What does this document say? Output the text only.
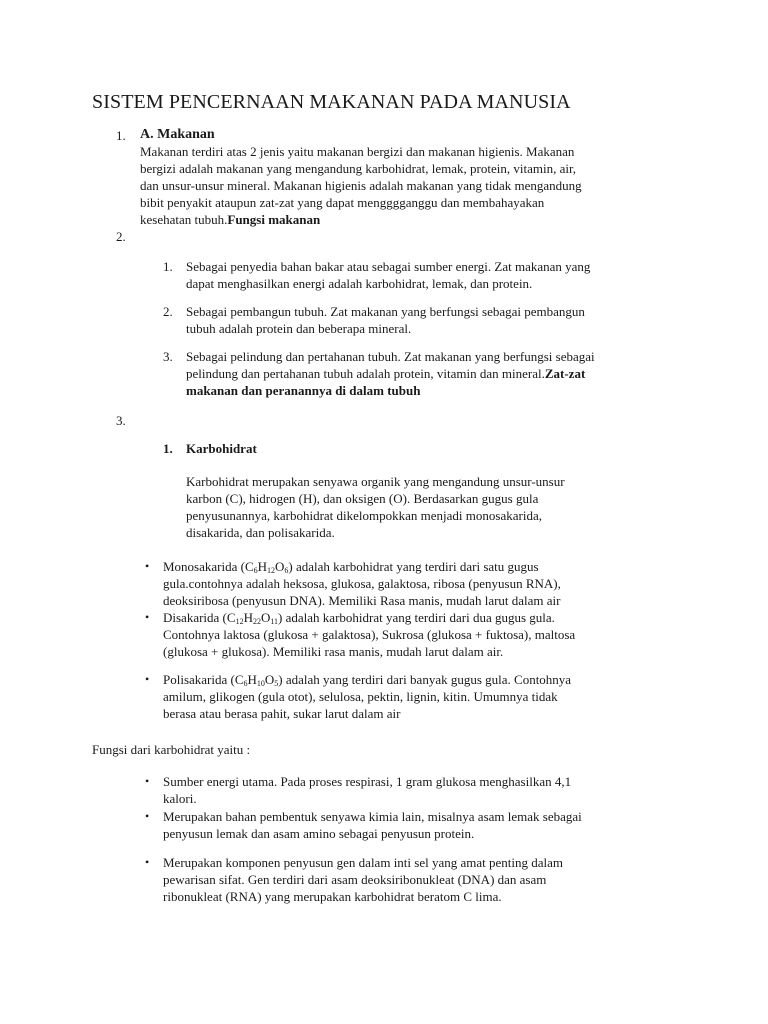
SISTEM PENCERNAAN MAKANAN PADA MANUSIA
1.	A. Makanan

Makanan terdiri atas 2 jenis yaitu makanan bergizi dan makanan higienis. Makanan

bergizi adalah makanan yang mengandung karbohidrat, lemak, protein, vitamin, air,

dan unsur-unsur mineral. Makanan higienis adalah makanan yang tidak mengandung

bibit penyakit ataupun zat-zat yang dapat mengggganggu dan membahayakan

kesehatan tubuh.Fungsi makanan

2.
1.	Sebagai penyedia bahan bakar atau sebagai sumber energi. Zat makanan yang

dapat menghasilkan energi adalah karbohidrat, lemak, dan protein.

2.	Sebagai pembangun tubuh. Zat makanan yang berfungsi sebagai pembangun

tubuh adalah protein dan beberapa mineral.

3.	Sebagai pelindung dan pertahanan tubuh. Zat makanan yang berfungsi sebagai

pelindung dan pertahanan tubuh adalah protein, vitamin dan mineral.Zat-zat

makanan dan peranannya di dalam tubuh

3.
1.	Karbohidrat

Karbohidrat merupakan senyawa organik yang mengandung unsur-unsur

karbon (C), hidrogen (H), dan oksigen (O). Berdasarkan gugus gula

penyusunannya, karbohidrat dikelompokkan menjadi monosakarida,

disakarida, dan polisakarida.

• Monosakarida $(C_6H_{12}O_6)$ adalah karbohidrat yang terdiri dari satu gugus

gula.contohnya adalah heksosa, glukosa, galaktosa, ribosa (penyusun RNA),

deoksiribosa (penyusun DNA). Memiliki Rasa manis, mudah larut dalam air

• Disakarida $(C_{12}H_{22}O_{11})$ adalah karbohidrat yang terdiri dari dua gugus gula.

Contohnya laktosa (glukosa + galaktosa), Sukrosa (glukosa + fuktosa), maltosa

(glukosa + glukosa). Memiliki rasa manis, mudah larut dalam air.

• Polisakarida $(C_6H_{10}O_5)$ adalah yang terdiri dari banyak gugus gula. Contohnya

amilum, glikogen (gula otot), selulosa, pektin, lignin, kitin. Umumnya tidak

berasa atau berasa pahit, sukar larut dalam air

Fungsi dari karbohidrat yaitu :

• Sumber energi utama. Pada proses respirasi, 1 gram glukosa menghasilkan 4,1

kalori.

• Merupakan bahan pembentuk senyawa kimia lain, misalnya asam lemak sebagai

penyusun lemak dan asam amino sebagai penyusun protein.

• Merupakan komponen penyusun gen dalam inti sel yang amat penting dalam

pewarisan sifat. Gen terdiri dari asam deoksiribonukleat (DNA) dan asam

ribonukleat (RNA) yang merupakan karbohidrat beratom C lima.
